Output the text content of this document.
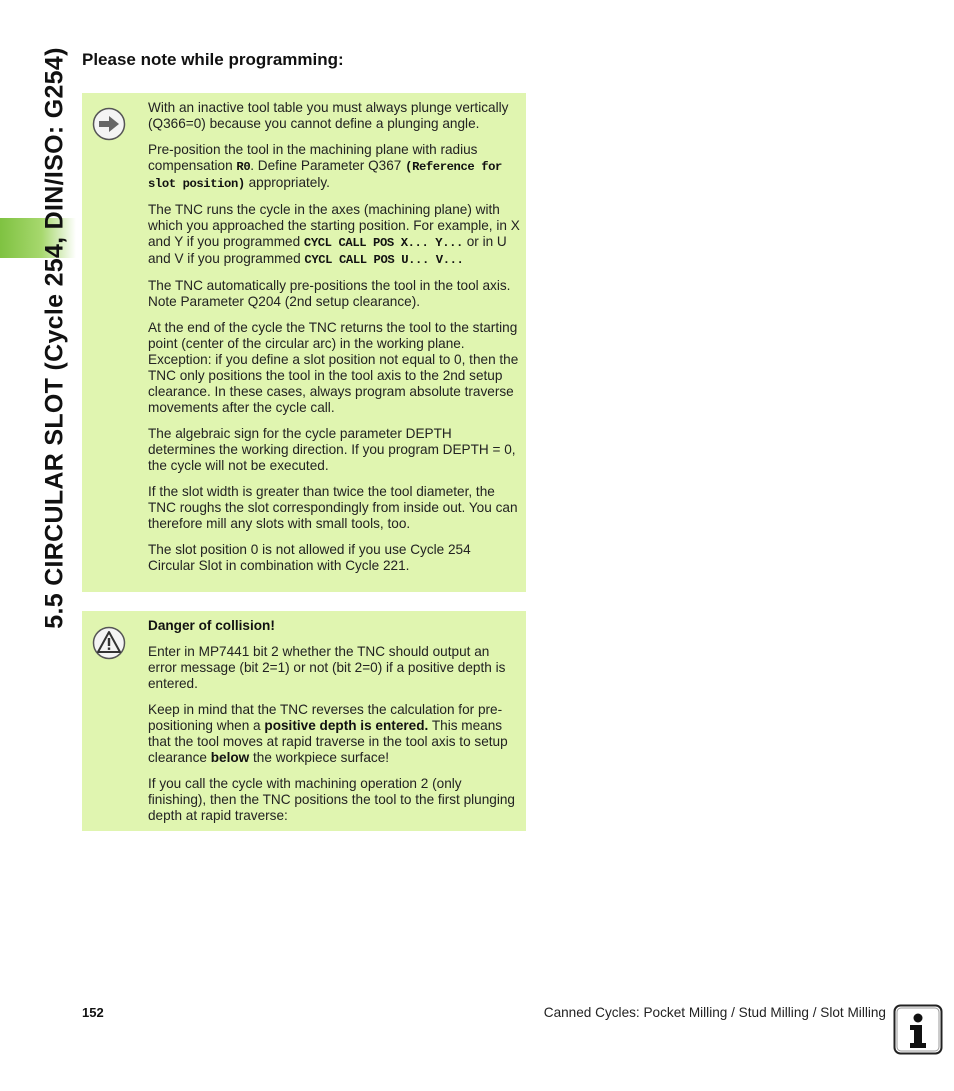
5.5 CIRCULAR SLOT (Cycle 254, DIN/ISO: G254) Please note while programming:

With an inactive tool table you must always plunge vertically (Q366=0) because you cannot define a plunging angle.

Pre-position the tool in the machining plane with radius compensation R0. Define Parameter Q367 (Reference for slot position) appropriately.

The TNC runs the cycle in the axes (machining plane) with which you approached the starting position. For example, in X and Y if you programmed CYCL CALL POS X... Y... or in U and V if you programmed CYCL CALL POS U... V...

The TNC automatically pre-positions the tool in the tool axis. Note Parameter Q204 (2nd setup clearance).

At the end of the cycle the TNC returns the tool to the starting point (center of the circular arc) in the working plane. Exception: if you define a slot position not equal to 0, then the TNC only positions the tool in the tool axis to the 2nd setup clearance. In these cases, always program absolute traverse movements after the cycle call.

The algebraic sign for the cycle parameter DEPTH determines the working direction. If you program DEPTH = 0, the cycle will not be executed.

If the slot width is greater than twice the tool diameter, the TNC roughs the slot correspondingly from inside out. You can therefore mill any slots with small tools, too.

The slot position 0 is not allowed if you use Cycle 254 Circular Slot in combination with Cycle 221.

Danger of collision!

Enter in MP7441 bit 2 whether the TNC should output an error message (bit 2=1) or not (bit 2=0) if a positive depth is entered.

Keep in mind that the TNC reverses the calculation for pre-positioning when a positive depth is entered. This means that the tool moves at rapid traverse in the tool axis to setup clearance below the workpiece surface!

If you call the cycle with machining operation 2 (only finishing), then the TNC positions the tool to the first plunging depth at rapid traverse:

152	Canned Cycles: Pocket Milling / Stud Milling / Slot Milling
